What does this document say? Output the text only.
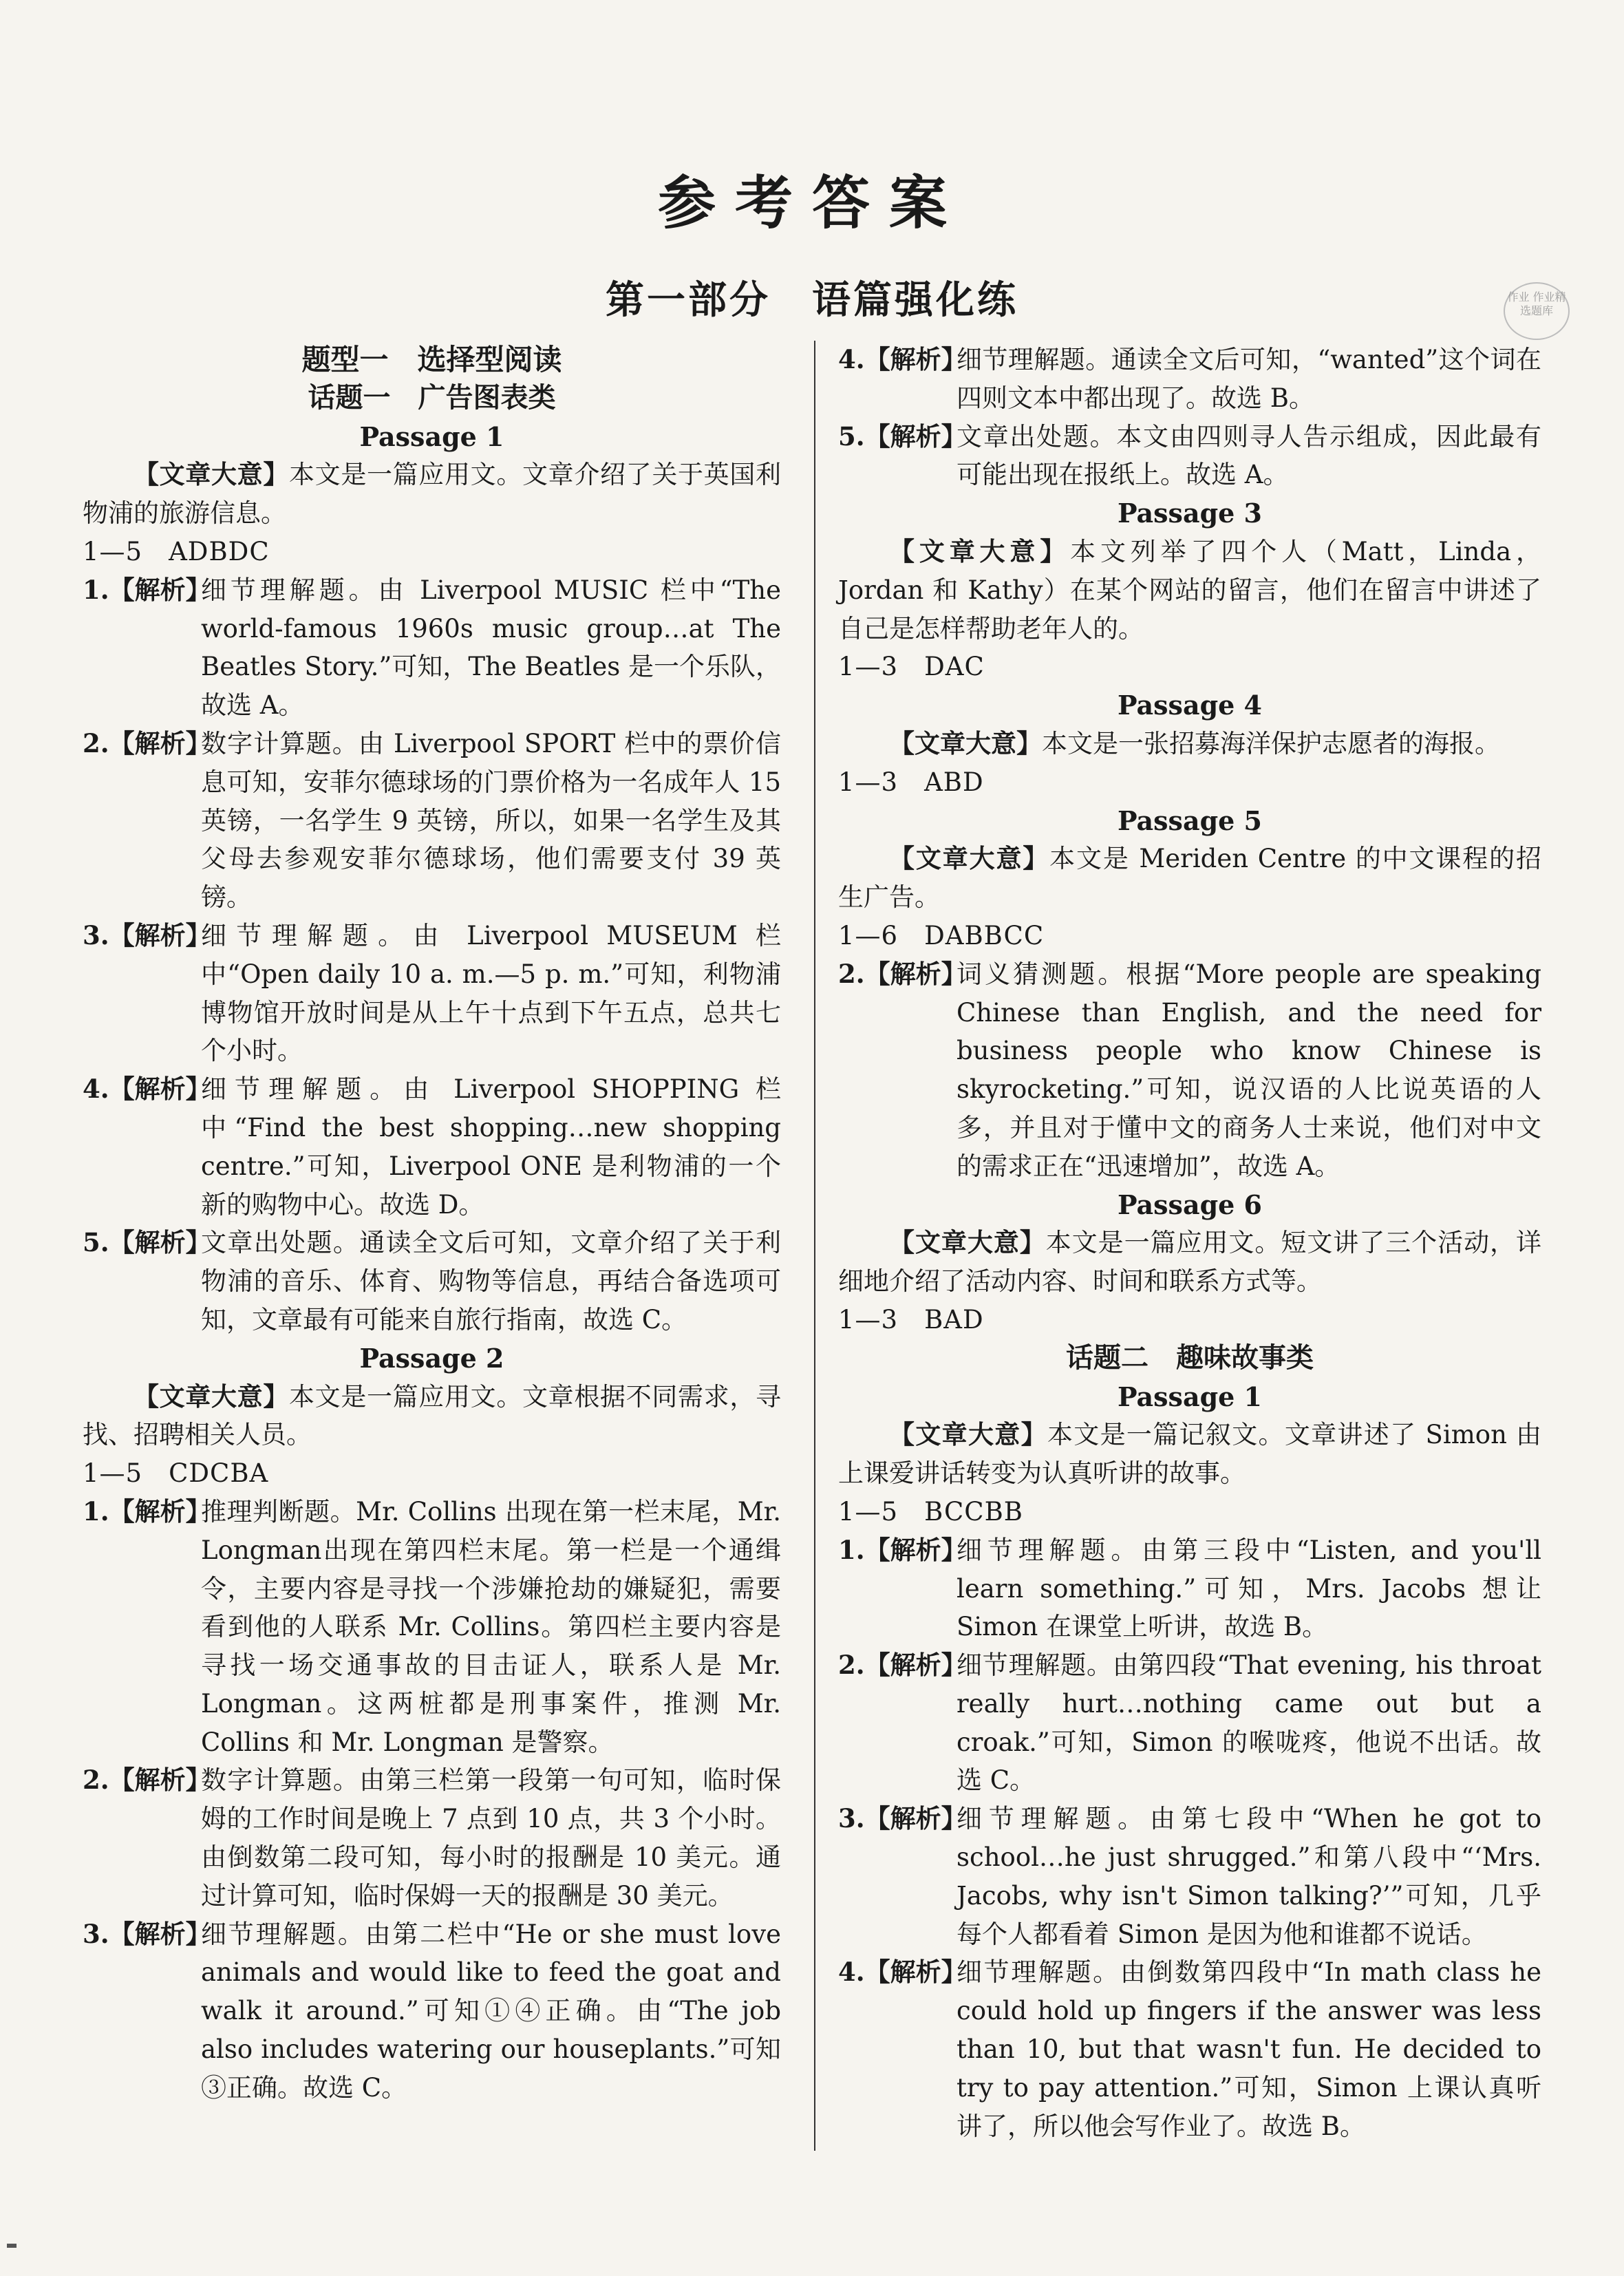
参考答案
第一部分　语篇强化练	作业 作业精选题库
题型一　选择型阅读
话题一　广告图表类
Passage 1
【文章大意】本文是一篇应用文。文章介绍了关于英国利物浦的旅游信息。
1—5　ADBDC
1.【解析】
细节理解题。由 Liverpool MUSIC 栏中“The world-famous 1960s music group…at The Beatles Story.”可知，The Beatles 是一个乐队，故选 A。
2.【解析】
数字计算题。由 Liverpool SPORT 栏中的票价信息可知，安菲尔德球场的门票价格为一名成年人 15 英镑，一名学生 9 英镑，所以，如果一名学生及其父母去参观安菲尔德球场，他们需要支付 39 英镑。
3.【解析】
细节理解题。由 Liverpool MUSEUM 栏中“Open daily 10 a. m.—5 p. m.”可知，利物浦博物馆开放时间是从上午十点到下午五点，总共七个小时。
4.【解析】
细节理解题。由 Liverpool SHOPPING 栏中“Find the best shopping…new shopping centre.”可知，Liverpool ONE 是利物浦的一个新的购物中心。故选 D。
5.【解析】
文章出处题。通读全文后可知，文章介绍了关于利物浦的音乐、体育、购物等信息，再结合备选项可知，文章最有可能来自旅行指南，故选 C。
Passage 2
【文章大意】本文是一篇应用文。文章根据不同需求，寻找、招聘相关人员。
1—5　CDCBA
1.【解析】
推理判断题。Mr. Collins 出现在第一栏末尾，Mr. Longman出现在第四栏末尾。第一栏是一个通缉令，主要内容是寻找一个涉嫌抢劫的嫌疑犯，需要看到他的人联系 Mr. Collins。第四栏主要内容是寻找一场交通事故的目击证人，联系人是 Mr. Longman。这两桩都是刑事案件，推测 Mr. Collins 和 Mr. Longman 是警察。
2.【解析】
数字计算题。由第三栏第一段第一句可知，临时保姆的工作时间是晚上 7 点到 10 点，共 3 个小时。由倒数第二段可知，每小时的报酬是 10 美元。通过计算可知，临时保姆一天的报酬是 30 美元。
3.【解析】
细节理解题。由第二栏中“He or she must love animals and would like to feed the goat and walk it around.”可知①④正确。由“The job also includes watering our houseplants.”可知③正确。故选 C。
4.【解析】
细节理解题。通读全文后可知，“wanted”这个词在四则文本中都出现了。故选 B。
5.【解析】
文章出处题。本文由四则寻人告示组成，因此最有可能出现在报纸上。故选 A。
Passage 3
【文章大意】本文列举了四个人（Matt，Linda，Jordan 和 Kathy）在某个网站的留言，他们在留言中讲述了自己是怎样帮助老年人的。
1—3　DAC
Passage 4
【文章大意】本文是一张招募海洋保护志愿者的海报。
1—3　ABD
Passage 5
【文章大意】本文是 Meriden Centre 的中文课程的招生广告。
1—6　DABBCC
2.【解析】
词义猜测题。根据“More people are speaking Chinese than English, and the need for business people who know Chinese is skyrocketing.”可知，说汉语的人比说英语的人多，并且对于懂中文的商务人士来说，他们对中文的需求正在“迅速增加”，故选 A。
Passage 6
【文章大意】本文是一篇应用文。短文讲了三个活动，详细地介绍了活动内容、时间和联系方式等。
1—3　BAD
话题二　趣味故事类
Passage 1
【文章大意】本文是一篇记叙文。文章讲述了 Simon 由上课爱讲话转变为认真听讲的故事。
1—5　BCCBB
1.【解析】
细节理解题。由第三段中“Listen, and you'll learn something.”可知，Mrs. Jacobs 想让 Simon 在课堂上听讲，故选 B。
2.【解析】
细节理解题。由第四段“That evening, his throat really hurt…nothing came out but a croak.”可知，Simon 的喉咙疼，他说不出话。故选 C。
3.【解析】
细节理解题。由第七段中“When he got to school…he just shrugged.”和第八段中“‘Mrs. Jacobs, why isn't Simon talking?’”可知，几乎每个人都看着 Simon 是因为他和谁都不说话。
4.【解析】
细节理解题。由倒数第四段中“In math class he could hold up fingers if the answer was less than 10, but that wasn't fun. He decided to try to pay attention.”可知，Simon 上课认真听讲了，所以他会写作业了。故选 B。
